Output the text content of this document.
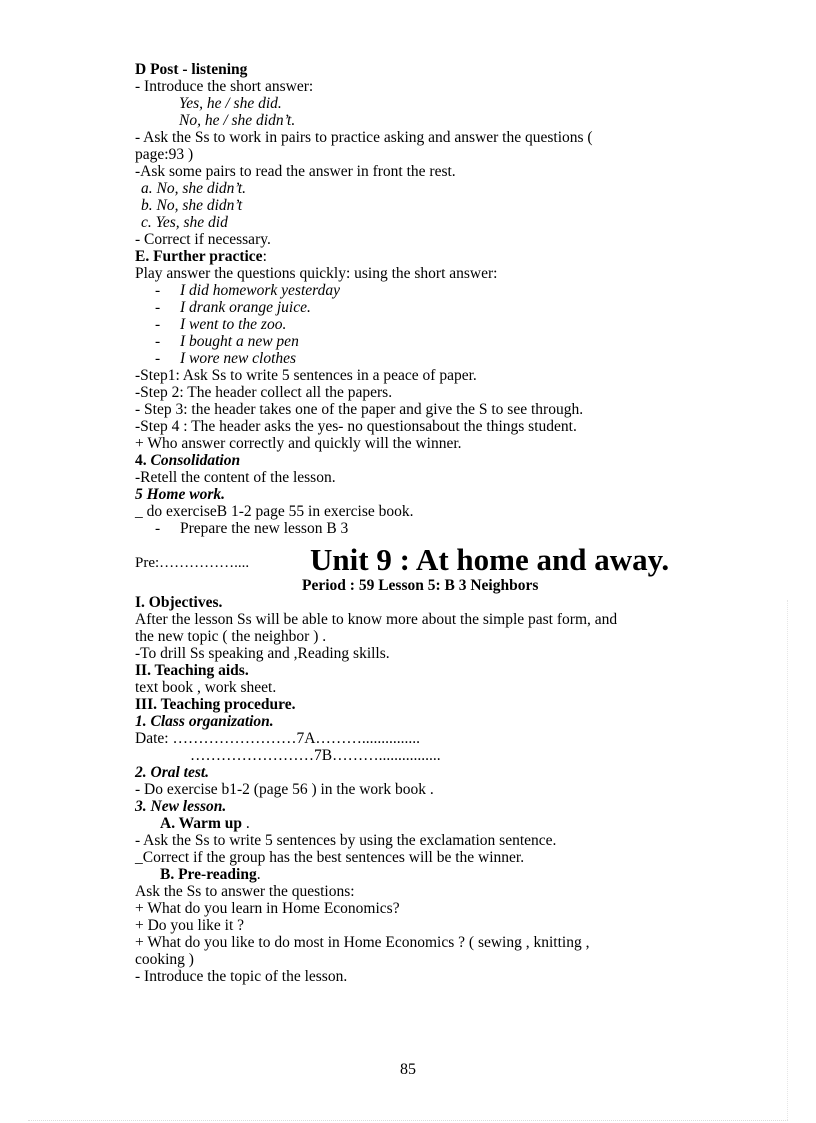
D Post - listening
- Introduce the short answer:
Yes, he / she did.
No, he / she didn’t.
- Ask the Ss to work in pairs to practice asking and answer the questions (
page:93 )
-Ask some pairs to read the answer in front the rest.
a. No, she didn’t.
b. No, she didn’t
c. Yes, she did
- Correct if necessary.
E. Further practice:
Play answer the questions quickly: using the short answer:
- I did homework yesterday
- I drank orange juice.
- I went to the zoo.
- I bought a new pen
- I wore new clothes
-Step1: Ask Ss to write 5 sentences in a peace of paper.
-Step 2: The header collect all the papers.
- Step 3: the header takes one of the paper and give the S to see through.
-Step 4 : The header asks the yes- no questionsabout the things student.
+ Who answer correctly and quickly will the winner.
4. Consolidation
-Retell the content of the lesson.
5 Home work.
_ do exerciseB 1-2 page 55 in exercise book.
- Prepare the new lesson B 3
Pre:…………….... Unit 9 : At home and away.
Period : 59 Lesson 5: B 3 Neighbors
I. Objectives.
After the lesson Ss will be able to know more about the simple past form, and
the new topic ( the neighbor ) .
-To drill Ss speaking and ,Reading skills.
II. Teaching aids.
text book , work sheet.
III. Teaching procedure.
1. Class organization.
Date: ……………………7A………...............
……………………7B………................
2. Oral test.
- Do exercise b1-2 (page 56 ) in the work book .
3. New lesson.
A. Warm up .
- Ask the Ss to write 5 sentences by using the exclamation sentence.
_Correct if the group has the best sentences will be the winner.
B. Pre-reading.
Ask the Ss to answer the questions:
+ What do you learn in Home Economics?
+ Do you like it ?
+ What do you like to do most in Home Economics ? ( sewing , knitting ,
cooking )
- Introduce the topic of the lesson.
85
